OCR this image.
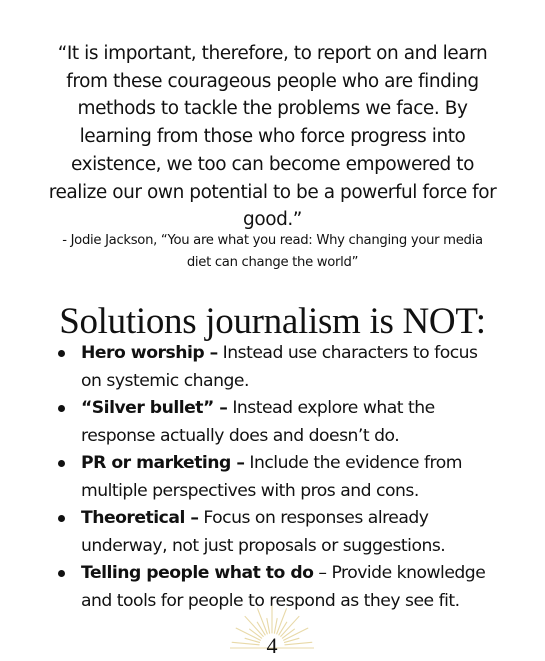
“It is important, therefore, to report on and learn from these courageous people who are finding methods to tackle the problems we face. By learning from those who force progress into existence, we too can become empowered to realize our own potential to be a powerful force for good.”

- Jodie Jackson, “You are what you read: Why changing your media diet can change the world”

Solutions journalism is NOT:
Hero worship – Instead use characters to focus on systemic change.
“Silver bullet” – Instead explore what the response actually does and doesn’t do.
PR or marketing – Include the evidence from multiple perspectives with pros and cons.
Theoretical – Focus on responses already underway, not just proposals or suggestions.
Telling people what to do – Provide knowledge and tools for people to respond as they see fit.
4
